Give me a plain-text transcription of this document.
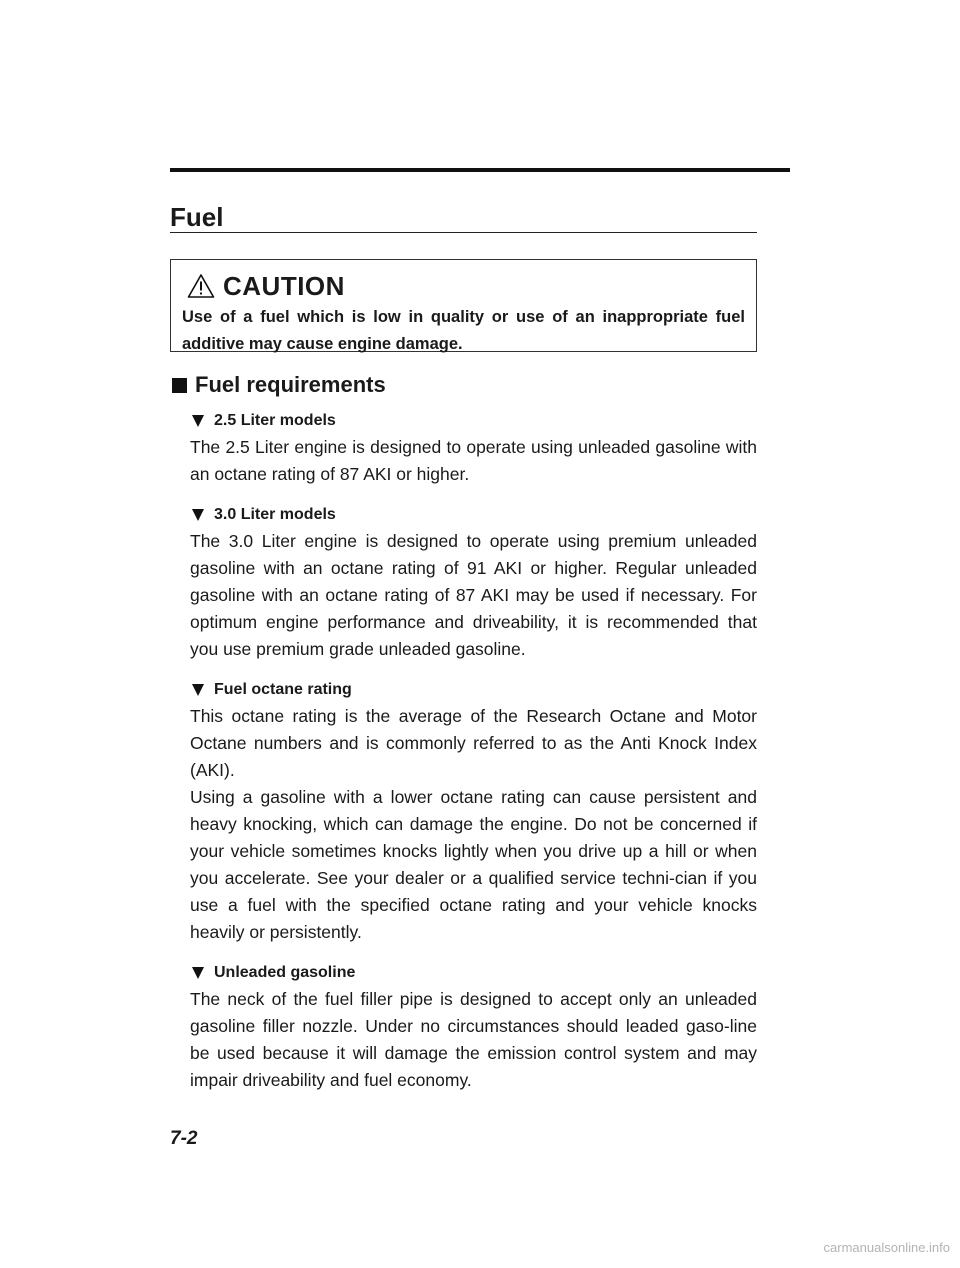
Fuel
CAUTION
Use of a fuel which is low in quality or use of an inappropriate fuel additive may cause engine damage.
Fuel requirements
2.5 Liter models

The 2.5 Liter engine is designed to operate using unleaded gasoline with an octane rating of 87 AKI or higher.

3.0 Liter models

The 3.0 Liter engine is designed to operate using premium unleaded gasoline with an octane rating of 91 AKI or higher. Regular unleaded gasoline with an octane rating of 87 AKI may be used if necessary. For optimum engine performance and driveability, it is recommended that you use premium grade unleaded gasoline.

Fuel octane rating

This octane rating is the average of the Research Octane and Motor Octane numbers and is commonly referred to as the Anti Knock Index (AKI).

Using a gasoline with a lower octane rating can cause persistent and heavy knocking, which can damage the engine. Do not be concerned if your vehicle sometimes knocks lightly when you drive up a hill or when you accelerate. See your dealer or a qualified service techni-cian if you use a fuel with the specified octane rating and your vehicle knocks heavily or persistently.

Unleaded gasoline

The neck of the fuel filler pipe is designed to accept only an unleaded gasoline filler nozzle. Under no circumstances should leaded gaso-line be used because it will damage the emission control system and may impair driveability and fuel economy.

7-2
carmanualsonline.info
